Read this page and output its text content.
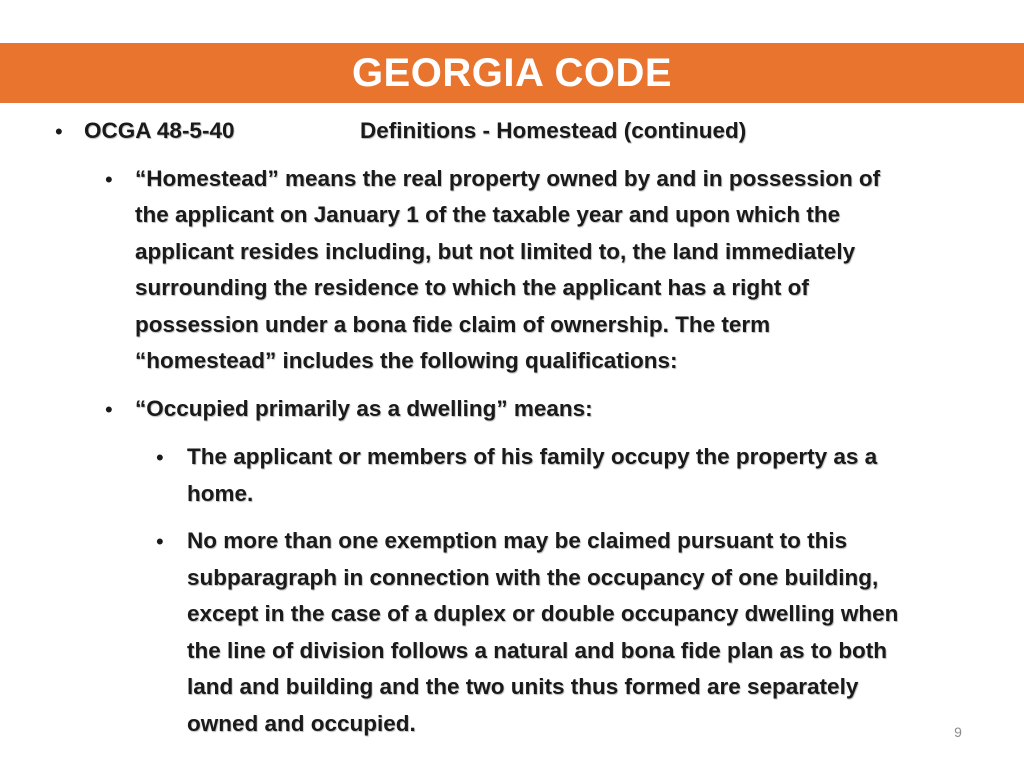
GEORGIA CODE
• OCGA 48-5-40	Definitions - Homestead (continued)
• “Homestead” means the real property owned by and in possession of
the applicant on January 1 of the taxable year and upon which the
applicant resides including, but not limited to, the land immediately
surrounding the residence to which the applicant has a right of
possession under a bona fide claim of ownership. The term
“homestead” includes the following qualifications:
• “Occupied primarily as a dwelling” means:
• The applicant or members of his family occupy the property as a
home.
• No more than one exemption may be claimed pursuant to this
subparagraph in connection with the occupancy of one building,
except in the case of a duplex or double occupancy dwelling when
the line of division follows a natural and bona fide plan as to both
land and building and the two units thus formed are separately
owned and occupied.	9
